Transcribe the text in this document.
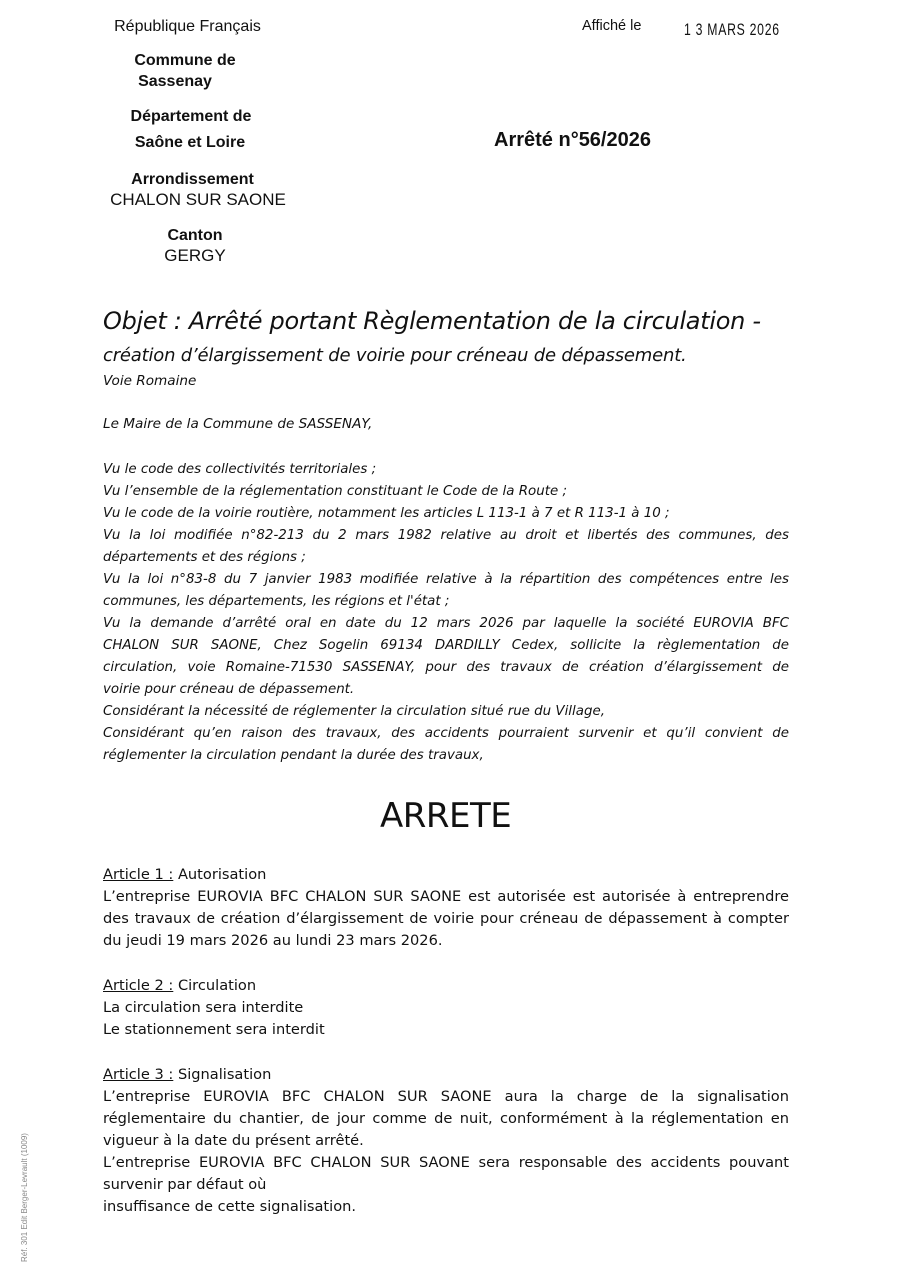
République Français
Commune de
Sassenay
Département de
Saône et Loire
Arrondissement
CHALON SUR SAONE
Canton
GERGY
Affiché le	1 3 MARS 2026
Arrêté n°56/2026
Objet : Arrêté portant Règlementation de la circulation -
création d’élargissement de voirie pour créneau de dépassement.
Voie Romaine
Le Maire de la Commune de SASSENAY,
Vu le code des collectivités territoriales ;
Vu l’ensemble de la réglementation constituant le Code de la Route ;
Vu le code de la voirie routière, notamment les articles L 113-1 à 7 et R 113-1 à 10 ;
Vu la loi modifiée n°82-213 du 2 mars 1982 relative au droit et libertés des communes, des
départements et des régions ;
Vu la loi n°83-8 du 7 janvier 1983 modifiée relative à la répartition des compétences entre les
communes, les départements, les régions et l'état ;
Vu la demande d’arrêté oral en date du 12 mars 2026 par laquelle la société EUROVIA BFC
CHALON SUR SAONE, Chez Sogelin 69134 DARDILLY Cedex, sollicite la règlementation de
circulation, voie Romaine-71530 SASSENAY, pour des travaux de création d’élargissement de
voirie pour créneau de dépassement.
Considérant la nécessité de réglementer la circulation situé rue du Village,
Considérant qu’en raison des travaux, des accidents pourraient survenir et qu’il convient de
réglementer la circulation pendant la durée des travaux,
ARRETE
Article 1 : Autorisation
L’entreprise EUROVIA BFC CHALON SUR SAONE est autorisée est autorisée à entreprendre
des travaux de création d’élargissement de voirie pour créneau de dépassement à compter
du jeudi 19 mars 2026 au lundi 23 mars 2026.
Article 2 : Circulation
La circulation sera interdite
Le stationnement sera interdit
Article 3 : Signalisation
L’entreprise EUROVIA BFC CHALON SUR SAONE aura la charge de la signalisation
réglementaire du chantier, de jour comme de nuit, conformément à la réglementation en
vigueur à la date du présent arrêté.
L’entreprise EUROVIA BFC CHALON SUR SAONE sera responsable des accidents pouvant
survenir par défaut où
insuffisance de cette signalisation.
Réf. 301 Edit Berger-Levrault (1009)
